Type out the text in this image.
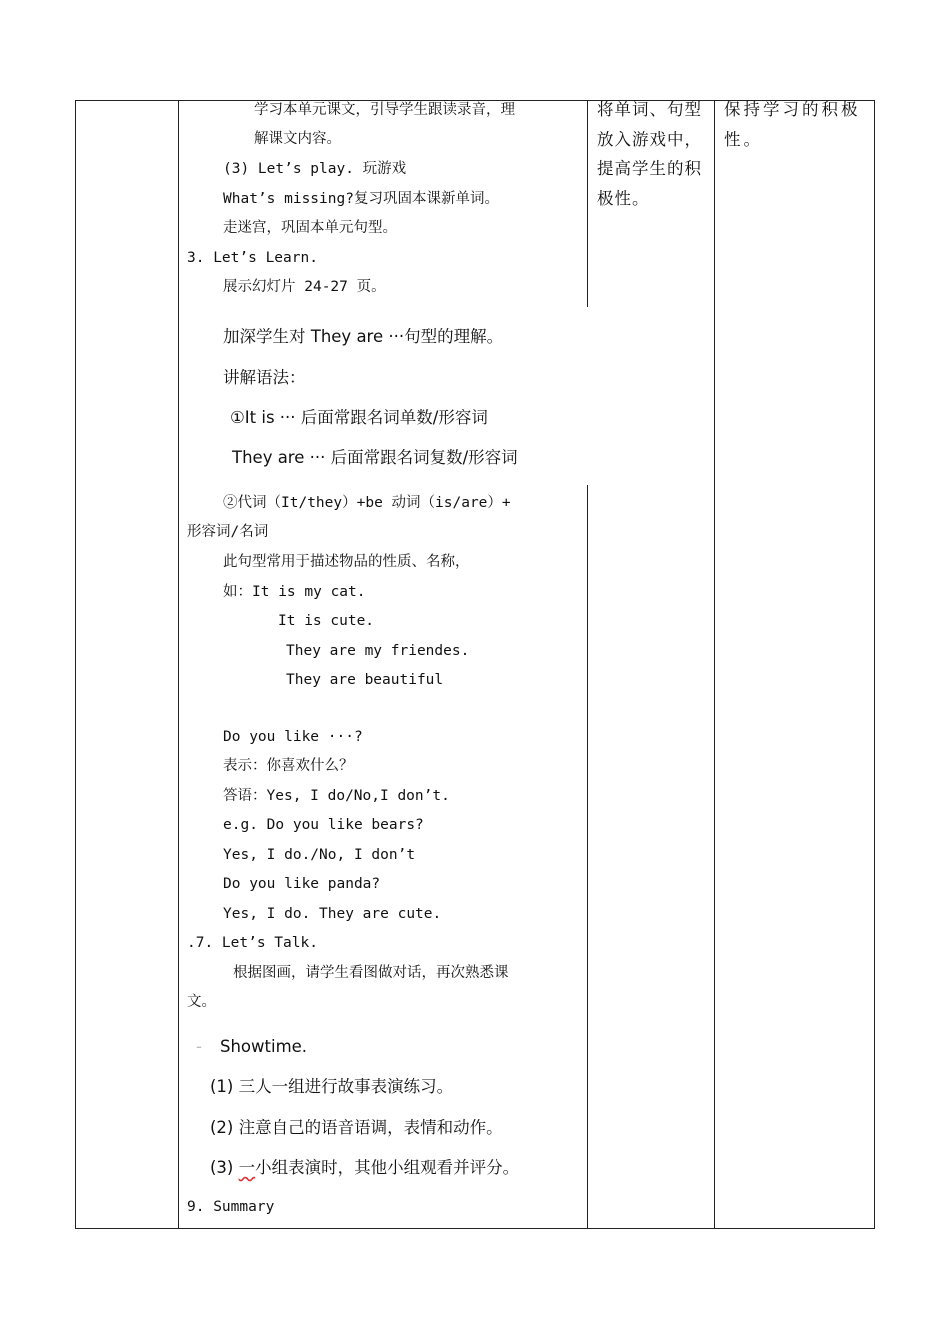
学习本单元课文，引导学生跟读录音，理
解课文内容。
(3) Let’s play. 玩游戏
What’s missing?复习巩固本课新单词。
走迷宫，巩固本单元句型。
3. Let’s Learn.
展示幻灯片 24-27 页。
加深学生对 They are ···句型的理解。
讲解语法：
①It is ··· 后面常跟名词单数/形容词
They are ··· 后面常跟名词复数/形容词
②代词（It/they）+be 动词（is/are）+
形容词/名词
此句型常用于描述物品的性质、名称，
如：It is my cat.
It is cute.
They are my friendes.
They are beautiful
Do you like ···?
表示：你喜欢什么？
答语：Yes, I do/No,I don’t.
e.g. Do you like bears?
Yes, I do./No, I don’t
Do you like panda?
Yes, I do. They are cute.
.7. Let’s Talk.
根据图画，请学生看图做对话，再次熟悉课
文。
- Showtime.
(1) 三人一组进行故事表演练习。
(2) 注意自己的语音语调，表情和动作。
(3) 一小组表演时，其他小组观看并评分。
9. Summary
将单词、句型
放入游戏中，
提高学生的积
极性。
保持学习的积极
性。
